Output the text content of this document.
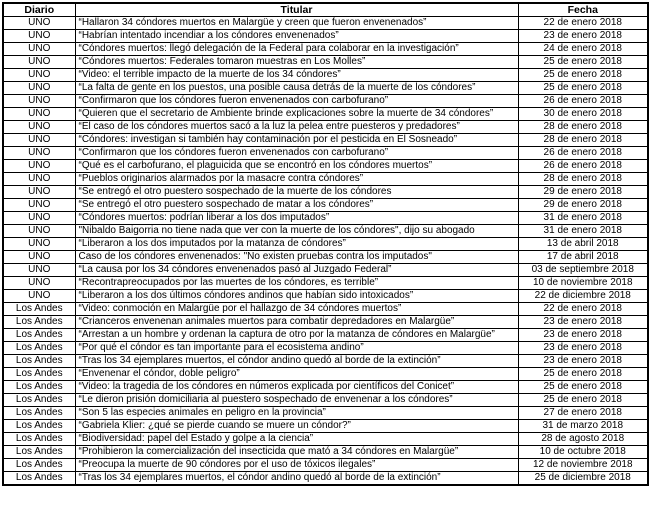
Diario	Titular	Fecha
UNO	“Hallaron 34 cóndores muertos en Malargüe y creen que fueron envenenados”	22 de enero 2018
UNO	“Habrían intentado incendiar a los cóndores envenenados”	23 de enero 2018
UNO	“Cóndores muertos: llegó delegación de la Federal para colaborar en la investigación”	24 de enero 2018
UNO	“Cóndores muertos: Federales tomaron muestras en Los Molles”	25 de enero 2018
UNO	“Video: el terrible impacto de la muerte de los 34 cóndores”	25 de enero 2018
UNO	“La falta de gente en los puestos, una posible causa detrás de la muerte de los cóndores”	25 de enero 2018
UNO	“Confirmaron que los cóndores fueron envenenados con carbofurano”	26 de enero 2018
UNO	“Quieren que el secretario de Ambiente brinde explicaciones sobre la muerte de 34 cóndores”	30 de enero 2018
UNO	“El caso de los cóndores muertos sacó a la luz la pelea entre puesteros y predadores”	28 de enero 2018
UNO	“Cóndores: investigan si también hay contaminación por el pesticida en El Sosneado”	28 de enero 2018
UNO	“Confirmaron que los cóndores fueron envenenados con carbofurano”	26 de enero 2018
UNO	“Qué es el carbofurano, el plaguicida que se encontró en los cóndores muertos”	26 de enero 2018
UNO	“Pueblos originarios alarmados por la masacre contra cóndores”	28 de enero 2018
UNO	“Se entregó el otro puestero sospechado de la muerte de los cóndores	29 de enero 2018
UNO	“Se entregó el otro puestero sospechado de matar a los cóndores”	29 de enero 2018
UNO	“Cóndores muertos: podrían liberar a los dos imputados”	31 de enero 2018
UNO	"Nibaldo Baigorria no tiene nada que ver con la muerte de los cóndores", dijo su abogado	31 de enero 2018
UNO	“Liberaron a los dos imputados por la matanza de cóndores”	13 de abril 2018
UNO	Caso de los cóndores envenenados: "No existen pruebas contra los imputados"	17 de abril 2018
UNO	“La causa por los 34 cóndores envenenados pasó al Juzgado Federal”	03 de septiembre 2018
UNO	“Recontrapreocupados por las muertes de los cóndores, es terrible”	10 de noviembre 2018
UNO	“Liberaron a los dos últimos cóndores andinos que habían sido intoxicados”	22 de diciembre 2018
Los Andes	“Video: conmoción en Malargüe por el hallazgo de 34 cóndores muertos”	22 de enero 2018
Los Andes	“Crianceros envenenan animales muertos para combatir depredadores en Malargüe”	23 de enero 2018
Los Andes	“Arrestan a un hombre y ordenan la captura de otro por la matanza de cóndores en Malargüe”	23 de enero 2018
Los Andes	“Por qué el cóndor es tan importante para el ecosistema andino”	23 de enero 2018
Los Andes	“Tras los 34 ejemplares muertos, el cóndor andino quedó al borde de la extinción”	23 de enero 2018
Los Andes	“Envenenar el cóndor, doble peligro”	25 de enero 2018
Los Andes	“Video: la tragedia de los cóndores en números explicada por científicos del Conicet”	25 de enero 2018
Los Andes	“Le dieron prisión domiciliaria al puestero sospechado de envenenar a los cóndores”	25 de enero 2018
Los Andes	“Son 5 las especies animales en peligro en la provincia”	27 de enero 2018
Los Andes	“Gabriela Klier: ¿qué se pierde cuando se muere un cóndor?”	31 de marzo 2018
Los Andes	“Biodiversidad: papel del Estado y golpe a la ciencia”	28 de agosto 2018
Los Andes	“Prohibieron la comercialización del insecticida que mató a 34 cóndores en Malargüe”	10 de octubre 2018
Los Andes	“Preocupa la muerte de 90 cóndores por el uso de tóxicos ilegales”	12 de noviembre 2018
Los Andes	“Tras los 34 ejemplares muertos, el cóndor andino quedó al borde de la extinción”	25 de diciembre 2018
